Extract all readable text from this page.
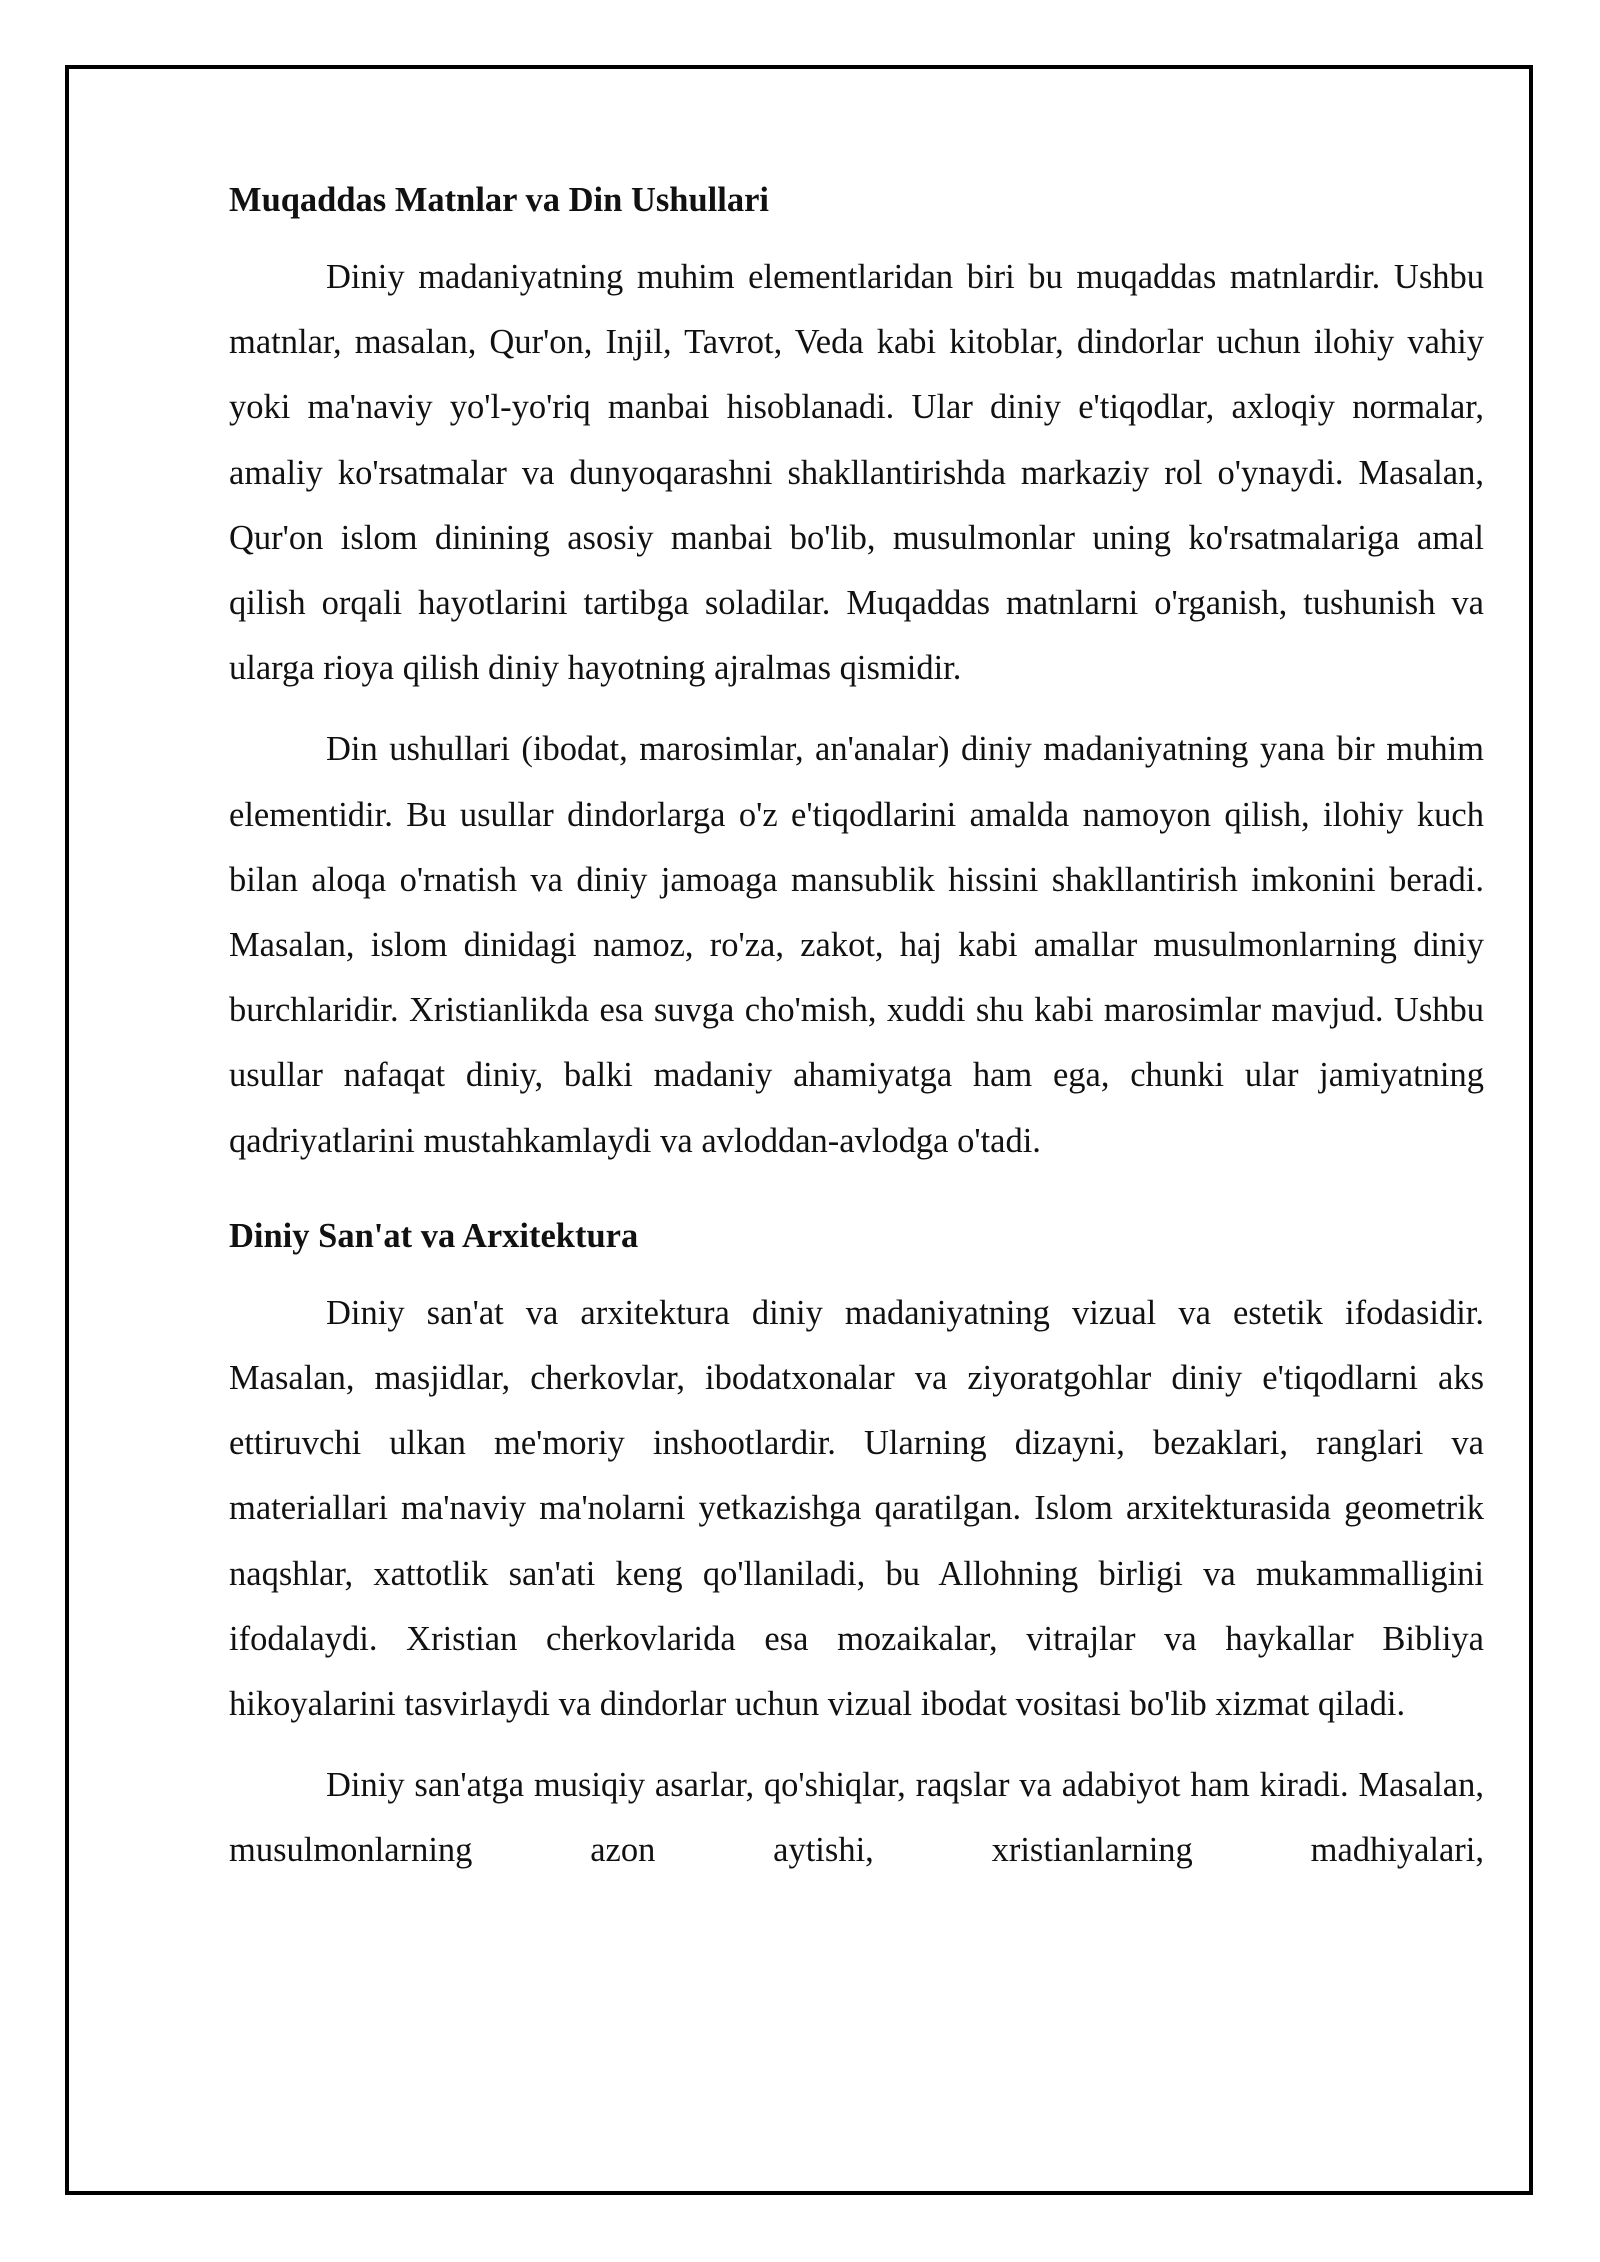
Muqaddas Matnlar va Din Ushullari

Diniy madaniyatning muhim elementlaridan biri bu muqaddas matnlardir. Ushbu matnlar, masalan, Qur'on, Injil, Tavrot, Veda kabi kitoblar, dindorlar uchun ilohiy vahiy yoki ma'naviy yo'l-yo'riq manbai hisoblanadi. Ular diniy e'tiqodlar, axloqiy normalar, amaliy ko'rsatmalar va dunyoqarashni shakllantirishda markaziy rol o'ynaydi. Masalan, Qur'on islom dinining asosiy manbai bo'lib, musulmonlar uning ko'rsatmalariga amal qilish orqali hayotlarini tartibga soladilar. Muqaddas matnlarni o'rganish, tushunish va ularga rioya qilish diniy hayotning ajralmas qismidir.

Din ushullari (ibodat, marosimlar, an'analar) diniy madaniyatning yana bir muhim elementidir. Bu usullar dindorlarga o'z e'tiqodlarini amalda namoyon qilish, ilohiy kuch bilan aloqa o'rnatish va diniy jamoaga mansublik hissini shakllantirish imkonini beradi. Masalan, islom dinidagi namoz, ro'za, zakot, haj kabi amallar musulmonlarning diniy burchlaridir. Xristianlikda esa suvga cho'mish, xuddi shu kabi marosimlar mavjud. Ushbu usullar nafaqat diniy, balki madaniy ahamiyatga ham ega, chunki ular jamiyatning qadriyatlarini mustahkamlaydi va avloddan-avlodga o'tadi.

Diniy San'at va Arxitektura

Diniy san'at va arxitektura diniy madaniyatning vizual va estetik ifodasidir. Masalan, masjidlar, cherkovlar, ibodatxonalar va ziyoratgohlar diniy e'tiqodlarni aks ettiruvchi ulkan me'moriy inshootlardir. Ularning dizayni, bezaklari, ranglari va materiallari ma'naviy ma'nolarni yetkazishga qaratilgan. Islom arxitekturasida geometrik naqshlar, xattotlik san'ati keng qo'llaniladi, bu Allohning birligi va mukammalligini ifodalaydi. Xristian cherkovlarida esa mozaikalar, vitrajlar va haykallar Bibliya hikoyalarini tasvirlaydi va dindorlar uchun vizual ibodat vositasi bo'lib xizmat qiladi.

Diniy san'atga musiqiy asarlar, qo'shiqlar, raqslar va adabiyot ham kiradi. Masalan, musulmonlarning azon aytishi, xristianlarning madhiyalari,
